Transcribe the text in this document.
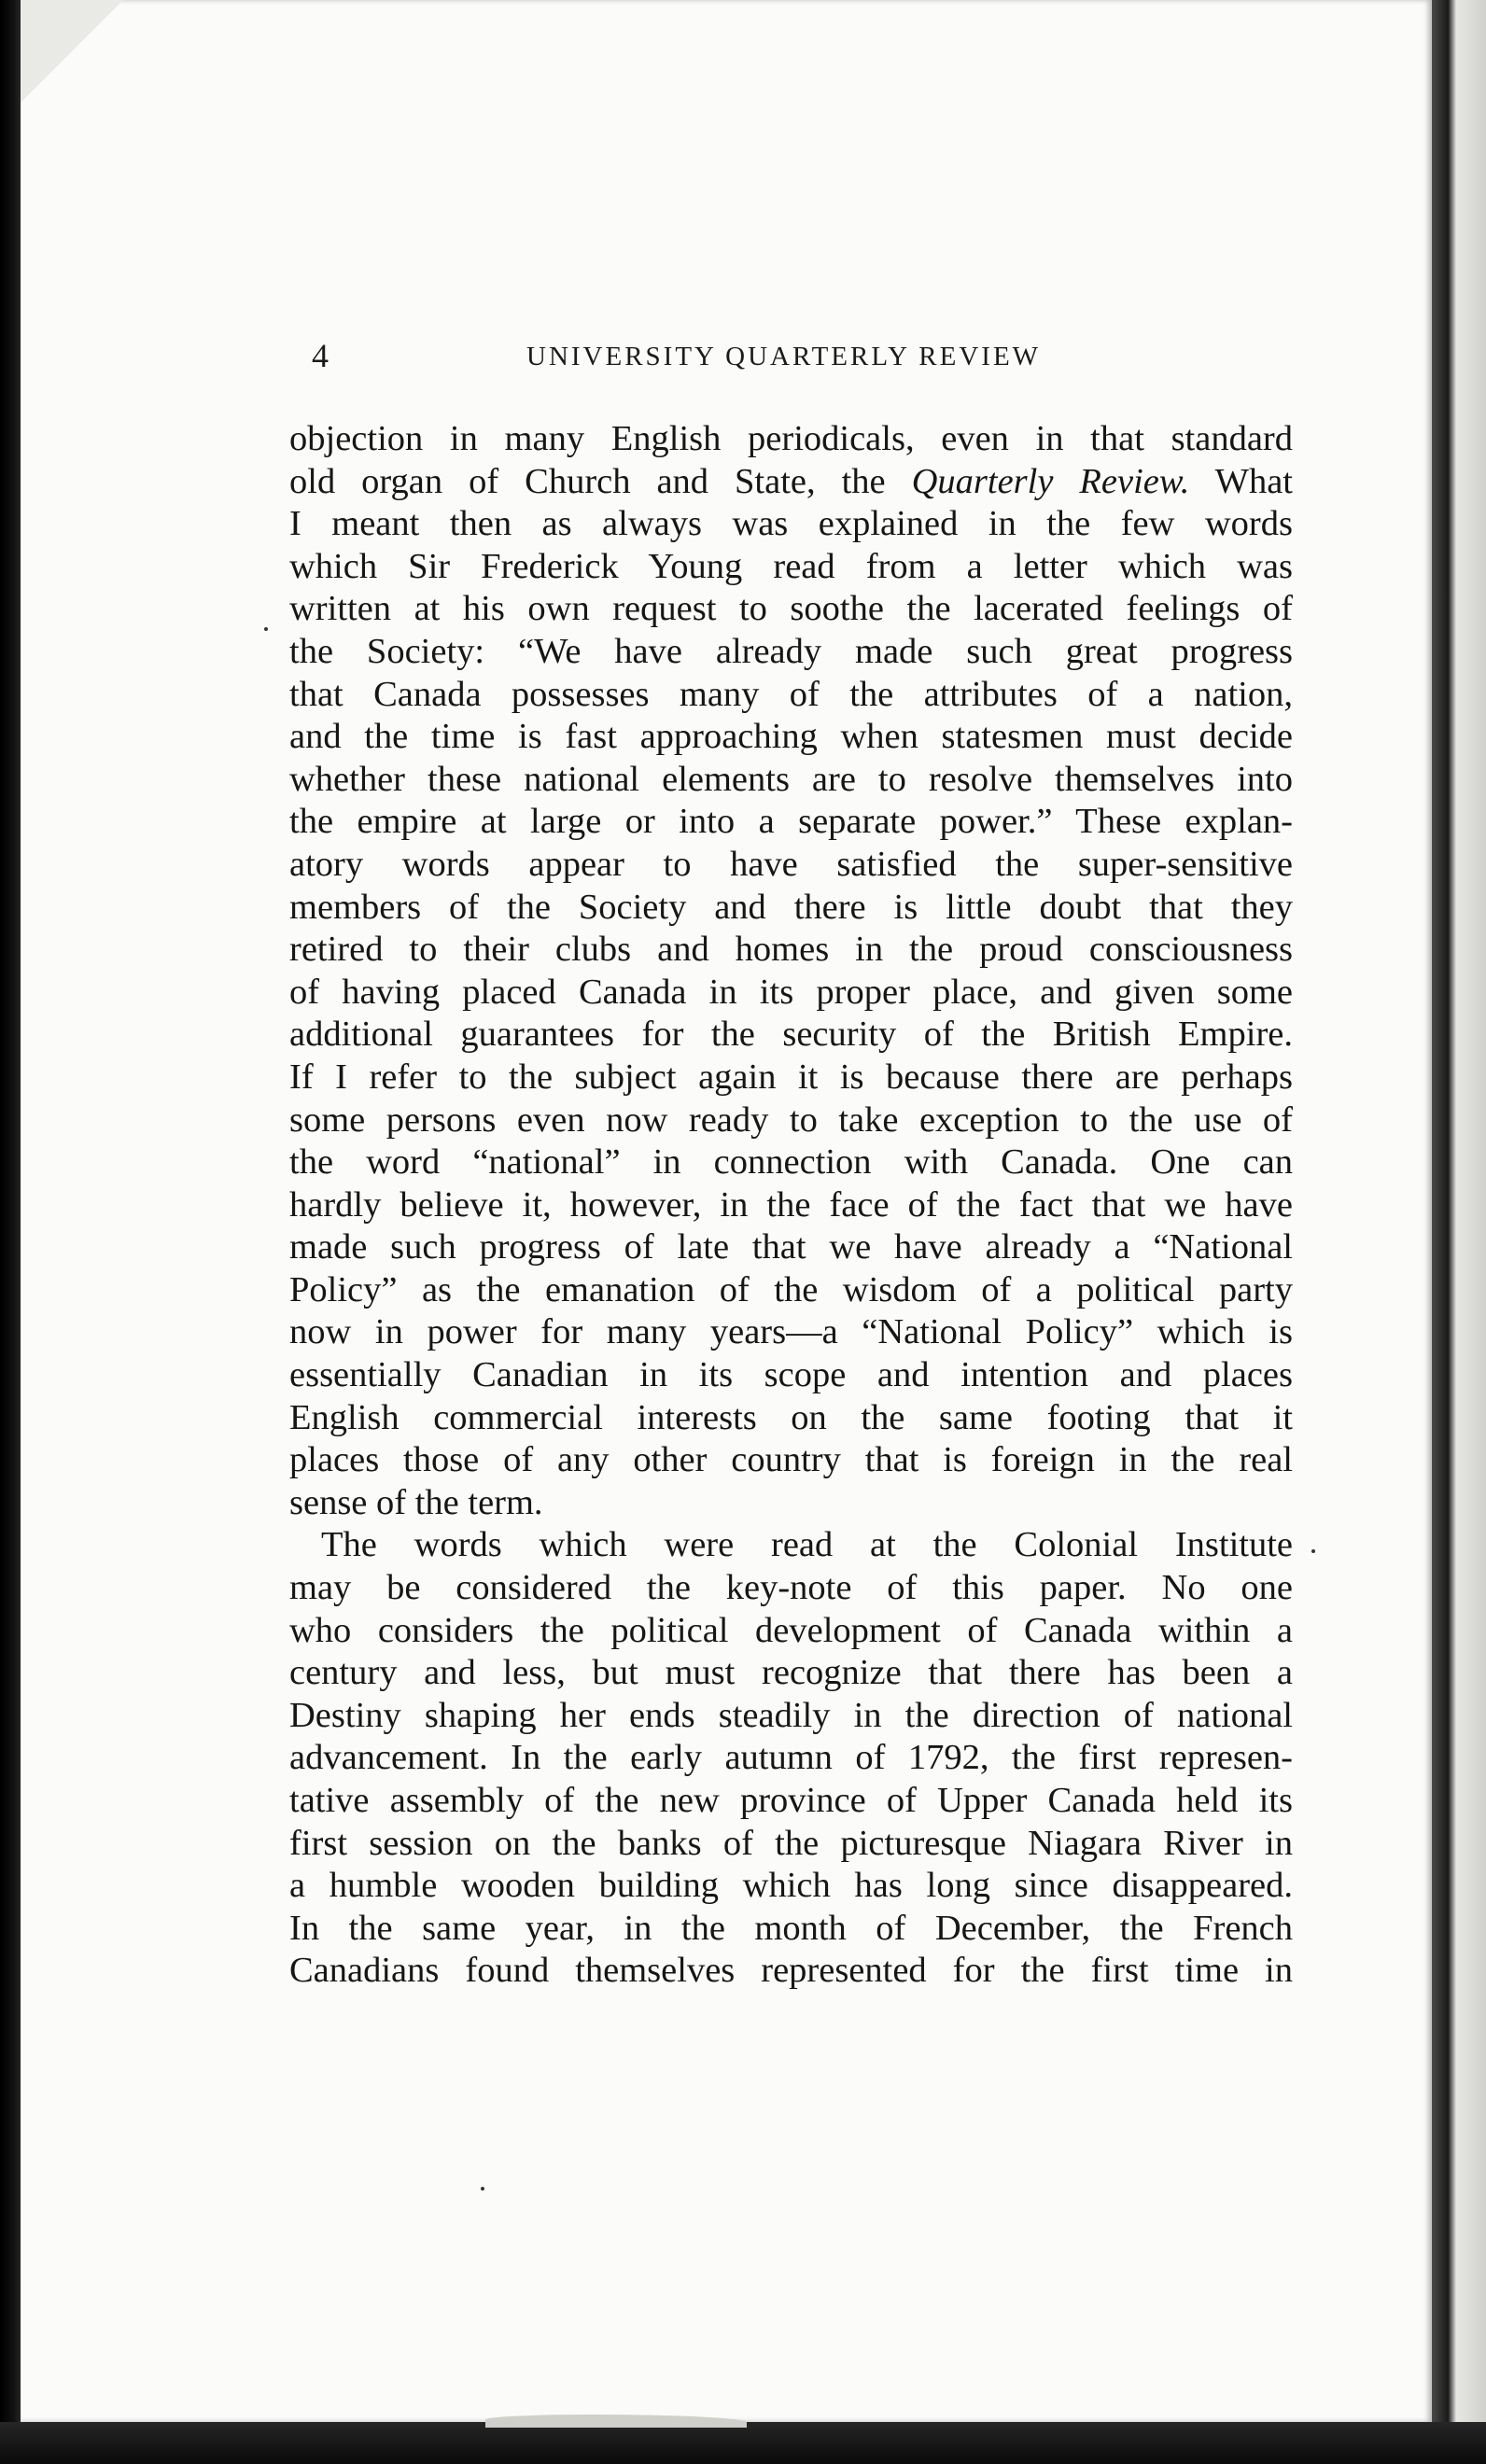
4	UNIVERSITY QUARTERLY REVIEW
objection in many English periodicals, even in that standard
old organ of Church and State, the Quarterly Review. What
I meant then as always was explained in the few words
which Sir Frederick Young read from a letter which was
written at his own request to soothe the lacerated feelings of
the Society: “We have already made such great progress
that Canada possesses many of the attributes of a nation,
and the time is fast approaching when statesmen must decide
whether these national elements are to resolve themselves into
the empire at large or into a separate power.” These explan-
atory words appear to have satisfied the super-sensitive
members of the Society and there is little doubt that they
retired to their clubs and homes in the proud consciousness
of having placed Canada in its proper place, and given some
additional guarantees for the security of the British Empire.
If I refer to the subject again it is because there are perhaps
some persons even now ready to take exception to the use of
the word “national” in connection with Canada. One can
hardly believe it, however, in the face of the fact that we have
made such progress of late that we have already a “National
Policy” as the emanation of the wisdom of a political party
now in power for many years—a “National Policy” which is
essentially Canadian in its scope and intention and places
English commercial interests on the same footing that it
places those of any other country that is foreign in the real
sense of the term.
The words which were read at the Colonial Institute
may be considered the key-note of this paper. No one
who considers the political development of Canada within a
century and less, but must recognize that there has been a
Destiny shaping her ends steadily in the direction of national
advancement. In the early autumn of 1792, the first represen-
tative assembly of the new province of Upper Canada held its
first session on the banks of the picturesque Niagara River in
a humble wooden building which has long since disappeared.
In the same year, in the month of December, the French
Canadians found themselves represented for the first time in
